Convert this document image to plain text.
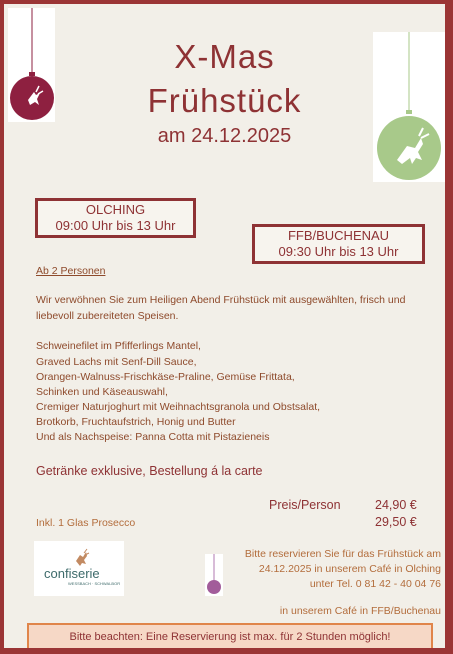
X-Mas
Frühstück
am 24.12.2025
OLCHING
09:00 Uhr bis 13 Uhr
FFB/BUCHENAU
09:30 Uhr bis 13 Uhr
Ab 2 Personen
Wir verwöhnen Sie zum Heiligen Abend Frühstück mit ausgewählten, frisch und
liebevoll zubereiteten Speisen.
Schweinefilet im Pfifferlings Mantel,
Graved Lachs mit Senf-Dill Sauce,
Orangen-Walnuss-Frischkäse-Praline, Gemüse Frittata,
Schinken und Käseauswahl,
Cremiger Naturjoghurt mit Weihnachtsgranola und Obstsalat,
Brotkorb, Fruchtaufstrich, Honig und Butter
Und als Nachspeise: Panna Cotta mit Pistazieneis
Getränke exklusive, Bestellung á la carte
Preis/Person	24,90 €
Inkl. 1 Glas Prosecco	29,50 €
confiserie
WESSBACH · SCHWALBOR
Bitte reservieren Sie für das Frühstück am
24.12.2025 in unserem Café in Olching
unter Tel. 0 81 42 - 40 04 76
in unserem Café in FFB/Buchenau
Bitte beachten: Eine Reservierung ist max. für 2 Stunden möglich!
